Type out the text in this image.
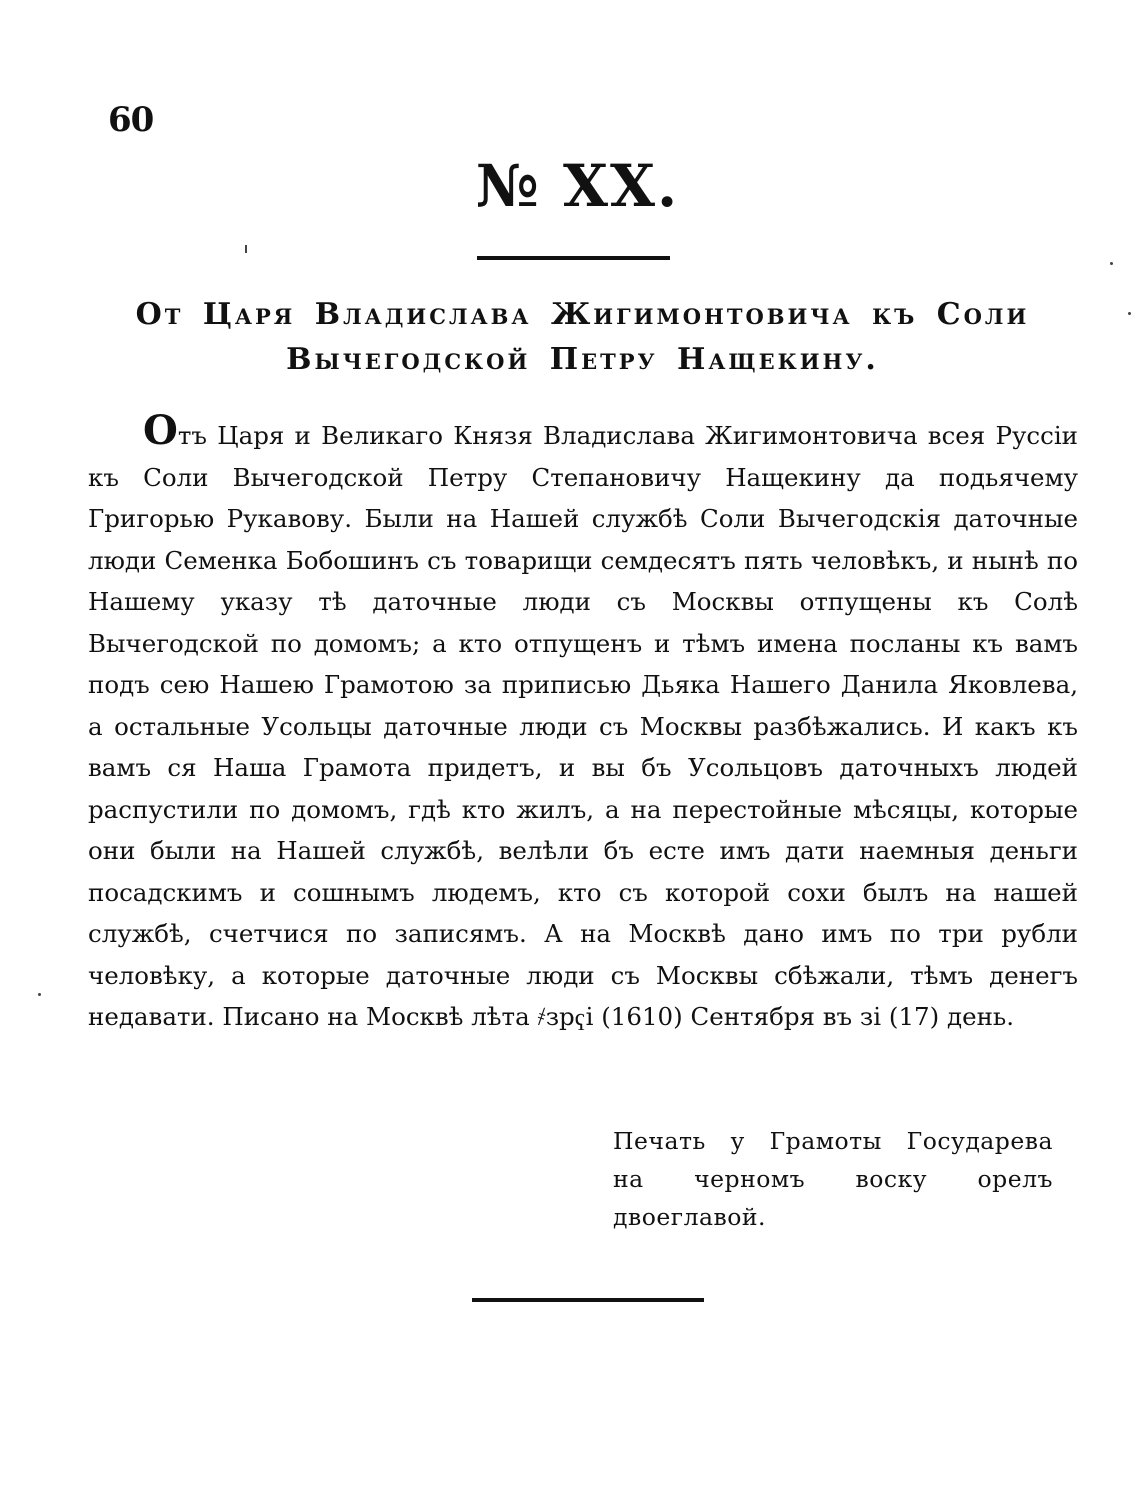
60
№ XX.
От Царя Владислава Жигимонтовича къ Соли Вычегодской Петру Нащекину.

Отъ Царя и Великаго Князя Владислава Жигимонтовича всея Руссіи къ Соли Вычегодской Петру Степановичу Нащекину да подьячему Григорью Рукавову. Были на Нашей службѣ Соли Вычегодскія даточные люди Семенка Бобошинъ съ товарищи семдесятъ пять человѣкъ, и нынѣ по Нашему указу тѣ даточные люди съ Москвы отпущены къ Солѣ Вычегодской по домомъ; а кто отпущенъ и тѣмъ имена посланы къ вамъ подъ сею Нашею Грамотою за приписью Дьяка Нашего Данила Яковлева, а остальные Усольцы даточные люди съ Москвы разбѣжались. И какъ къ вамъ ся Наша Грамота придетъ, и вы бъ Усольцовъ даточныхъ людей распустили по домомъ, гдѣ кто жилъ, а на перестойные мѣсяцы, которые они были на Нашей службѣ, велѣли бъ есте имъ дати наемныя деньги посадскимъ и сошнымъ людемъ, кто съ которой сохи былъ на нашей службѣ, счетчися по записямъ. А на Москвѣ дано имъ по три рубли человѣку, а которые даточные люди съ Москвы сбѣжали, тѣмъ денегъ недавати. Писано на Москвѣ лѣта ҂зрҁі (1610) Сентября въ зі (17) день.

Печать у Грамоты Государева на черномъ воску орелъ двоеглавой.
